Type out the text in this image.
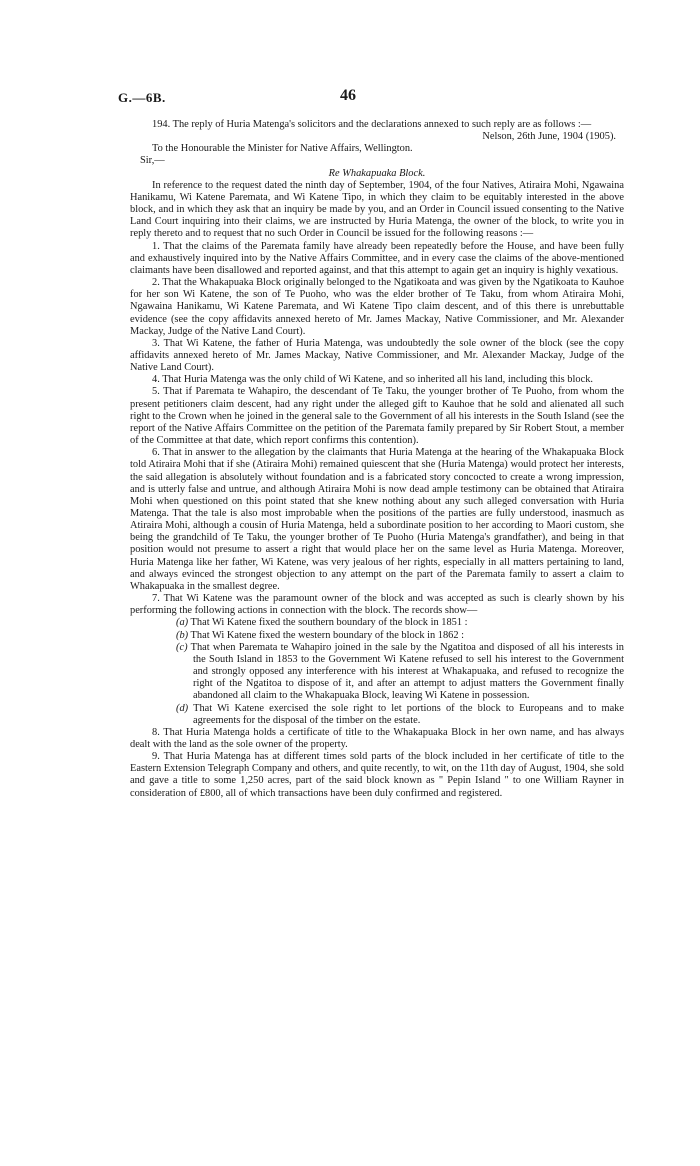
G.—6B.	46

194. The reply of Huria Matenga's solicitors and the declarations annexed to such reply are as follows :—

Nelson, 26th June, 1904 (1905).

To the Honourable the Minister for Native Affairs, Wellington.

Sir,—

Re Whakapuaka Block.

In reference to the request dated the ninth day of September, 1904, of the four Natives, Atiraira Mohi, Ngawaina Hanikamu, Wi Katene Paremata, and Wi Katene Tipo, in which they claim to be equitably interested in the above block, and in which they ask that an inquiry be made by you, and an Order in Council issued consenting to the Native Land Court inquiring into their claims, we are instructed by Huria Matenga, the owner of the block, to write you in reply thereto and to request that no such Order in Council be issued for the following reasons :—

1. That the claims of the Paremata family have already been repeatedly before the House, and have been fully and exhaustively inquired into by the Native Affairs Committee, and in every case the claims of the above-mentioned claimants have been disallowed and reported against, and that this attempt to again get an inquiry is highly vexatious.

2. That the Whakapuaka Block originally belonged to the Ngatikoata and was given by the Ngatikoata to Kauhoe for her son Wi Katene, the son of Te Puoho, who was the elder brother of Te Taku, from whom Atiraira Mohi, Ngawaina Hanikamu, Wi Katene Paremata, and Wi Katene Tipo claim descent, and of this there is unrebuttable evidence (see the copy affidavits annexed hereto of Mr. James Mackay, Native Commissioner, and Mr. Alexander Mackay, Judge of the Native Land Court).

3. That Wi Katene, the father of Huria Matenga, was undoubtedly the sole owner of the block (see the copy affidavits annexed hereto of Mr. James Mackay, Native Commissioner, and Mr. Alexander Mackay, Judge of the Native Land Court).

4. That Huria Matenga was the only child of Wi Katene, and so inherited all his land, including this block.

5. That if Paremata te Wahapiro, the descendant of Te Taku, the younger brother of Te Puoho, from whom the present petitioners claim descent, had any right under the alleged gift to Kauhoe that he sold and alienated all such right to the Crown when he joined in the general sale to the Government of all his interests in the South Island (see the report of the Native Affairs Committee on the petition of the Paremata family prepared by Sir Robert Stout, a member of the Committee at that date, which report confirms this contention).

6. That in answer to the allegation by the claimants that Huria Matenga at the hearing of the Whakapuaka Block told Atiraira Mohi that if she (Atiraira Mohi) remained quiescent that she (Huria Matenga) would protect her interests, the said allegation is absolutely without foundation and is a fabricated story concocted to create a wrong impression, and is utterly false and untrue, and although Atiraira Mohi is now dead ample testimony can be obtained that Atiraira Mohi when questioned on this point stated that she knew nothing about any such alleged conversation with Huria Matenga. That the tale is also most improbable when the positions of the parties are fully understood, inasmuch as Atiraira Mohi, although a cousin of Huria Matenga, held a subordinate position to her according to Maori custom, she being the grandchild of Te Taku, the younger brother of Te Puoho (Huria Matenga's grandfather), and being in that position would not presume to assert a right that would place her on the same level as Huria Matenga. Moreover, Huria Matenga like her father, Wi Katene, was very jealous of her rights, especially in all matters pertaining to land, and always evinced the strongest objection to any attempt on the part of the Paremata family to assert a claim to Whakapuaka in the smallest degree.

7. That Wi Katene was the paramount owner of the block and was accepted as such is clearly shown by his performing the following actions in connection with the block. The records show—

(a) That Wi Katene fixed the southern boundary of the block in 1851 :

(b) That Wi Katene fixed the western boundary of the block in 1862 :

(c) That when Paremata te Wahapiro joined in the sale by the Ngatitoa and disposed of all his interests in the South Island in 1853 to the Government Wi Katene refused to sell his interest to the Government and strongly opposed any interference with his interest at Whakapuaka, and refused to recognize the right of the Ngatitoa to dispose of it, and after an attempt to adjust matters the Government finally abandoned all claim to the Whakapuaka Block, leaving Wi Katene in possession.

(d) That Wi Katene exercised the sole right to let portions of the block to Europeans and to make agreements for the disposal of the timber on the estate.

8. That Huria Matenga holds a certificate of title to the Whakapuaka Block in her own name, and has always dealt with the land as the sole owner of the property.

9. That Huria Matenga has at different times sold parts of the block included in her certificate of title to the Eastern Extension Telegraph Company and others, and quite recently, to wit, on the 11th day of August, 1904, she sold and gave a title to some 1,250 acres, part of the said block known as " Pepin Island " to one William Rayner in consideration of £800, all of which transactions have been duly confirmed and registered.
